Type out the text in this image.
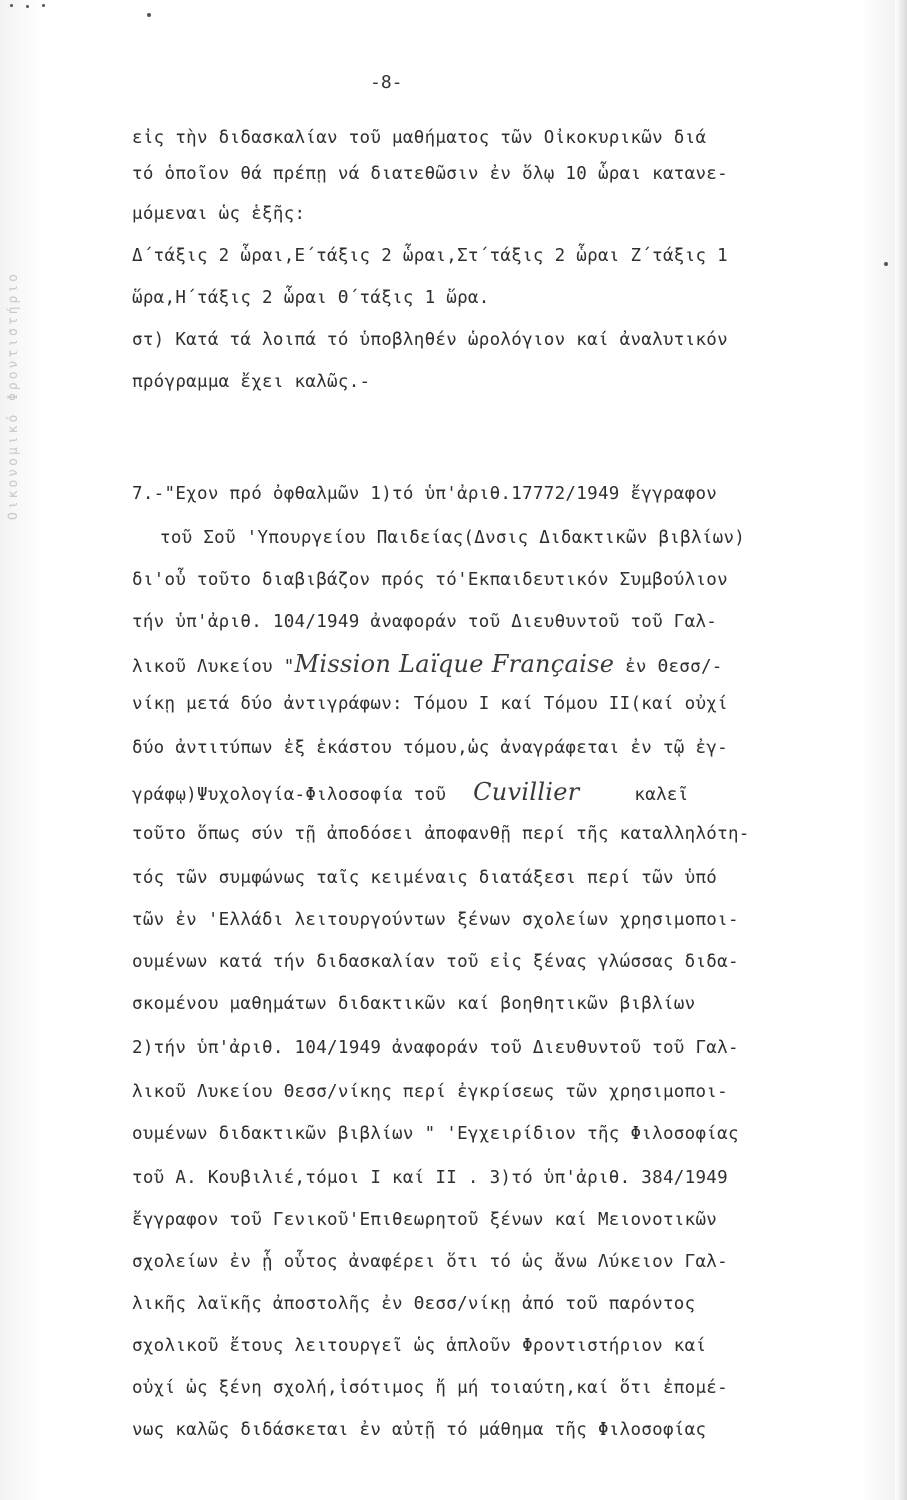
Οικονομικό Φροντιστήριο
-8-
εἰς τὴν διδασκαλίαν τοῦ μαθήματος τῶν Οἰκοκυρικῶν διά
τό ὁποῖον θά πρέπῃ νά διατεθῶσιν ἐν ὅλῳ 10 ὧραι κατανε-
μόμεναι ὡς ἑξῆς:
Δ΄τάξις 2 ὧραι,Ε΄τάξις 2 ὧραι,Στ΄τάξις 2 ὧραι Ζ΄τάξις 1
ὥρα,Η΄τάξις 2 ὧραι Θ΄τάξις 1 ὥρα.
στ) Κατά τά λοιπά τό ὑποβληθέν ὡρολόγιον καί ἀναλυτικόν
πρόγραμμα ἔχει καλῶς.-
7.-"Εχον πρό ὀφθαλμῶν 1)τό ὑπ'ἀριθ.17772/1949 ἔγγραφον
τοῦ Σοῦ 'Υπουργείου Παιδείας(Δνσις Διδακτικῶν βιβλίων)
δι'οὗ τοῦτο διαβιβάζον πρός τό'Εκπαιδευτικόν Συμβούλιον
τήν ὑπ'ἀριθ. 104/1949 ἀναφοράν τοῦ Διευθυντοῦ τοῦ Γαλ-
λικοῦ Λυκείου "Mission Laïque Française ἐν Θεσσ/-
νίκῃ μετά δύο ἀντιγράφων: Τόμου Ι καί Τόμου ΙΙ(καί οὐχί
δύο ἀντιτύπων ἐξ ἑκάστου τόμου,ὡς ἀναγράφεται ἐν τῷ ἐγ-
γράφῳ)Ψυχολογία-Φιλοσοφία τοῦ Cuvillier	καλεῖ
τοῦτο ὅπως σύν τῇ ἀποδόσει ἀποφανθῇ περί τῆς καταλληλότη-
τός τῶν συμφώνως ταῖς κειμέναις διατάξεσι περί τῶν ὑπό
τῶν ἐν 'Ελλάδι λειτουργούντων ξένων σχολείων χρησιμοποι-
ουμένων κατά τήν διδασκαλίαν τοῦ εἰς ξένας γλώσσας διδα-
σκομένου μαθημάτων διδακτικῶν καί βοηθητικῶν βιβλίων
2)τήν ὑπ'ἀριθ. 104/1949 ἀναφοράν τοῦ Διευθυντοῦ τοῦ Γαλ-
λικοῦ Λυκείου Θεσσ/νίκης περί ἐγκρίσεως τῶν χρησιμοποι-
ουμένων διδακτικῶν βιβλίων " 'Εγχειρίδιον τῆς Φιλοσοφίας
τοῦ Α. Κουβιλιέ,τόμοι Ι καί ΙΙ . 3)τό ὑπ'ἀριθ. 384/1949
ἔγγραφον τοῦ Γενικοῦ'Επιθεωρητοῦ ξένων καί Μειονοτικῶν
σχολείων ἐν ᾗ οὗτος ἀναφέρει ὅτι τό ὡς ἄνω Λύκειον Γαλ-
λικῆς λαϊκῆς ἀποστολῆς ἐν Θεσσ/νίκῃ ἀπό τοῦ παρόντος
σχολικοῦ ἔτους λειτουργεῖ ὡς ἁπλοῦν Φροντιστήριον καί
οὐχί ὡς ξένη σχολή,ἰσότιμος ἤ μή τοιαύτη,καί ὅτι ἐπομέ-
νως καλῶς διδάσκεται ἐν αὐτῇ τό μάθημα τῆς Φιλοσοφίας
